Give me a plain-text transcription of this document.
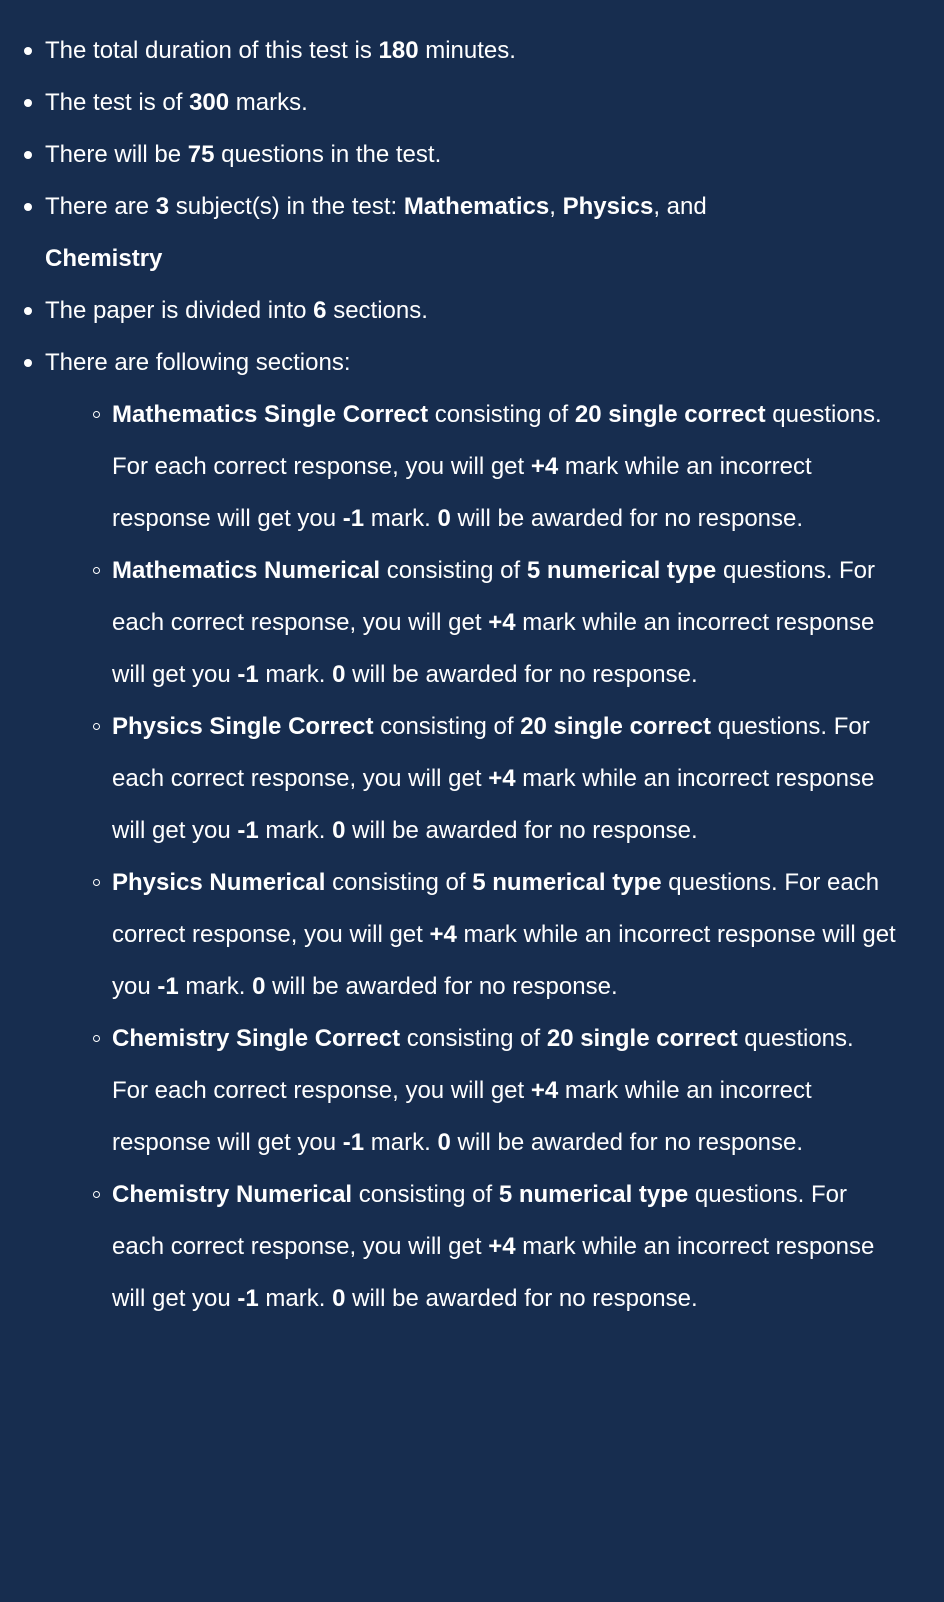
The total duration of this test is 180 minutes.
The test is of 300 marks.
There will be 75 questions in the test.
There are 3 subject(s) in the test: Mathematics, Physics, and
Chemistry
The paper is divided into 6 sections.
There are following sections:
Mathematics Single Correct consisting of 20 single correct questions. For each correct response, you will get +4 mark while an incorrect response will get you -1 mark. 0 will be awarded for no response.
Mathematics Numerical consisting of 5 numerical type questions. For each correct response, you will get +4 mark while an incorrect response will get you -1 mark. 0 will be awarded for no response.
Physics Single Correct consisting of 20 single correct questions. For each correct response, you will get +4 mark while an incorrect response will get you -1 mark. 0 will be awarded for no response.
Physics Numerical consisting of 5 numerical type questions. For each correct response, you will get +4 mark while an incorrect response will get you -1 mark. 0 will be awarded for no response.
Chemistry Single Correct consisting of 20 single correct questions. For each correct response, you will get +4 mark while an incorrect response will get you -1 mark. 0 will be awarded for no response.
Chemistry Numerical consisting of 5 numerical type questions. For each correct response, you will get +4 mark while an incorrect response will get you -1 mark. 0 will be awarded for no response.
